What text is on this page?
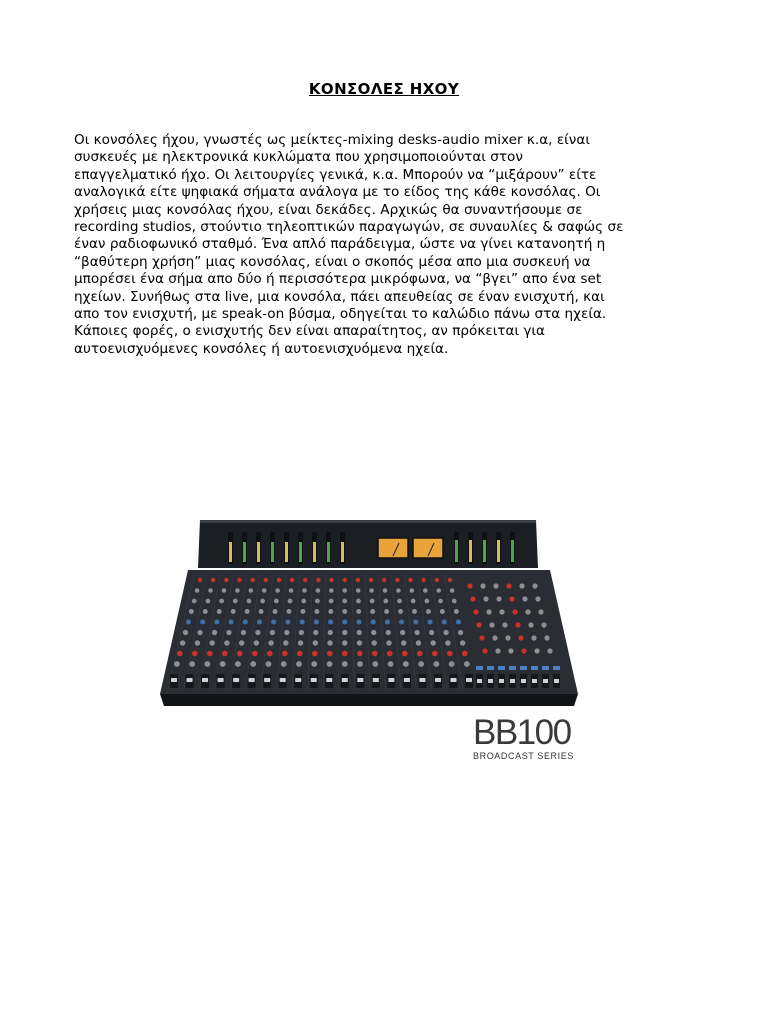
ΚΟΝΣΟΛΕΣ ΗΧΟΥ
Οι κονσόλες ήχου, γνωστές ως μείκτες-mixing desks-audio mixer κ.α, είναι
συσκευές με ηλεκτρονικά κυκλώματα που χρησιμοποιούνται στον
επαγγελματικό ήχο. Οι λειτουργίες γενικά, κ.α. Μπορούν να “μιξάρουν” είτε
αναλογικά είτε ψηφιακά σήματα ανάλογα με το είδος της κάθε κονσόλας. Οι
χρήσεις μιας κονσόλας ήχου, είναι δεκάδες. Αρχικώς θα συναντήσουμε σε
recording studios, στούντιο τηλεοπτικών παραγωγών, σε συναυλίες & σαφώς σε
έναν ραδιοφωνικό σταθμό. Ένα απλό παράδειγμα, ώστε να γίνει κατανοητή η
“βαθύτερη χρήση” μιας κονσόλας, είναι ο σκοπός μέσα απο μια συσκευή να
μπορέσει ένα σήμα απο δύο ή περισσότερα μικρόφωνα, να “βγει” απο ένα set
ηχείων. Συνήθως στα live, μια κονσόλα, πάει απευθείας σε έναν ενισχυτή, και
απο τον ενισχυτή, με speak-on βύσμα, οδηγείται το καλώδιο πάνω στα ηχεία.
Κάποιες φορές, ο ενισχυτής δεν είναι απαραίτητος, αν πρόκειται για
αυτοενισχυόμενες κονσόλες ή αυτοενισχυόμενα ηχεία.
BB100
BROADCAST SERIES
